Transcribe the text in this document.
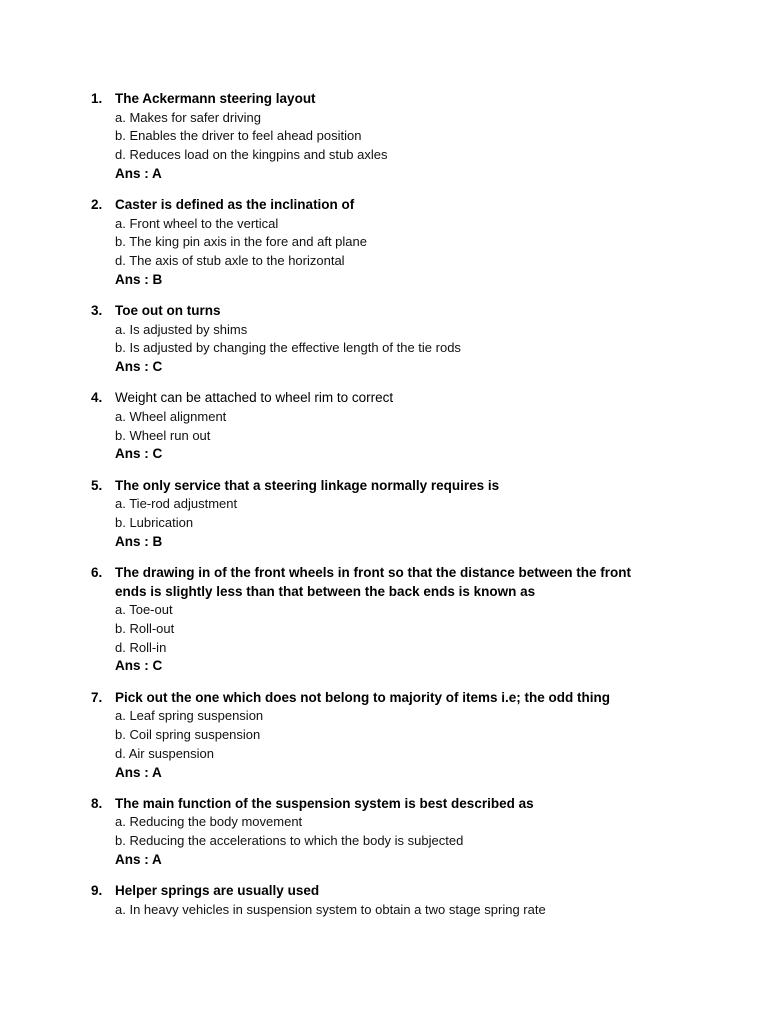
1. The Ackermann steering layout
a. Makes for safer driving
b. Enables the driver to feel ahead position
d. Reduces load on the kingpins and stub axles
Ans : A
2. Caster is defined as the inclination of
a. Front wheel to the vertical
b. The king pin axis in the fore and aft plane
d. The axis of stub axle to the horizontal
Ans : B
3. Toe out on turns
a. Is adjusted by shims
b. Is adjusted by changing the effective length of the tie rods
Ans : C
4. Weight can be attached to wheel rim to correct
a. Wheel alignment
b. Wheel run out
Ans : C
5. The only service that a steering linkage normally requires is
a. Tie-rod adjustment
b. Lubrication
Ans : B
6. The drawing in of the front wheels in front so that the distance between the front ends is slightly less than that between the back ends is known as
a. Toe-out
b. Roll-out
d. Roll-in
Ans : C
7. Pick out the one which does not belong to majority of items i.e; the odd thing
a. Leaf spring suspension
b. Coil spring suspension
d. Air suspension
Ans : A
8. The main function of the suspension system is best described as
a. Reducing the body movement
b. Reducing the accelerations to which the body is subjected
Ans : A
9. Helper springs are usually used
a. In heavy vehicles in suspension system to obtain a two stage spring rate
